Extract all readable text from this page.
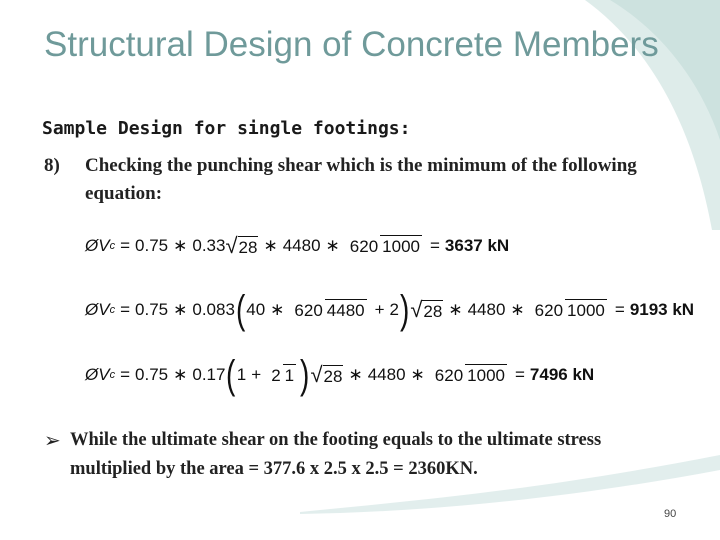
Structural Design of Concrete Members
Sample Design for single footings:
8) Checking the punching shear which is the minimum of the following equation:
Ø V c = 0.75 ∗ 0.33 √28 ∗ 4480 ∗ 620 1000 = 3637 kN
Ø V c = 0.75 ∗ 0.083 ( 40 ∗ 620 4480 + 2 ) √28 ∗ 4480 ∗ 620 1000 = 9193 kN
Ø V c = 0.75 ∗ 0.17 ( 1 + 2 1 ) √28 ∗ 4480 ∗ 620 1000 = 7496 kN
➢ While the ultimate shear on the footing equals to the ultimate stress multiplied by the area = 377.6 x 2.5 x 2.5 = 2360KN.
90
